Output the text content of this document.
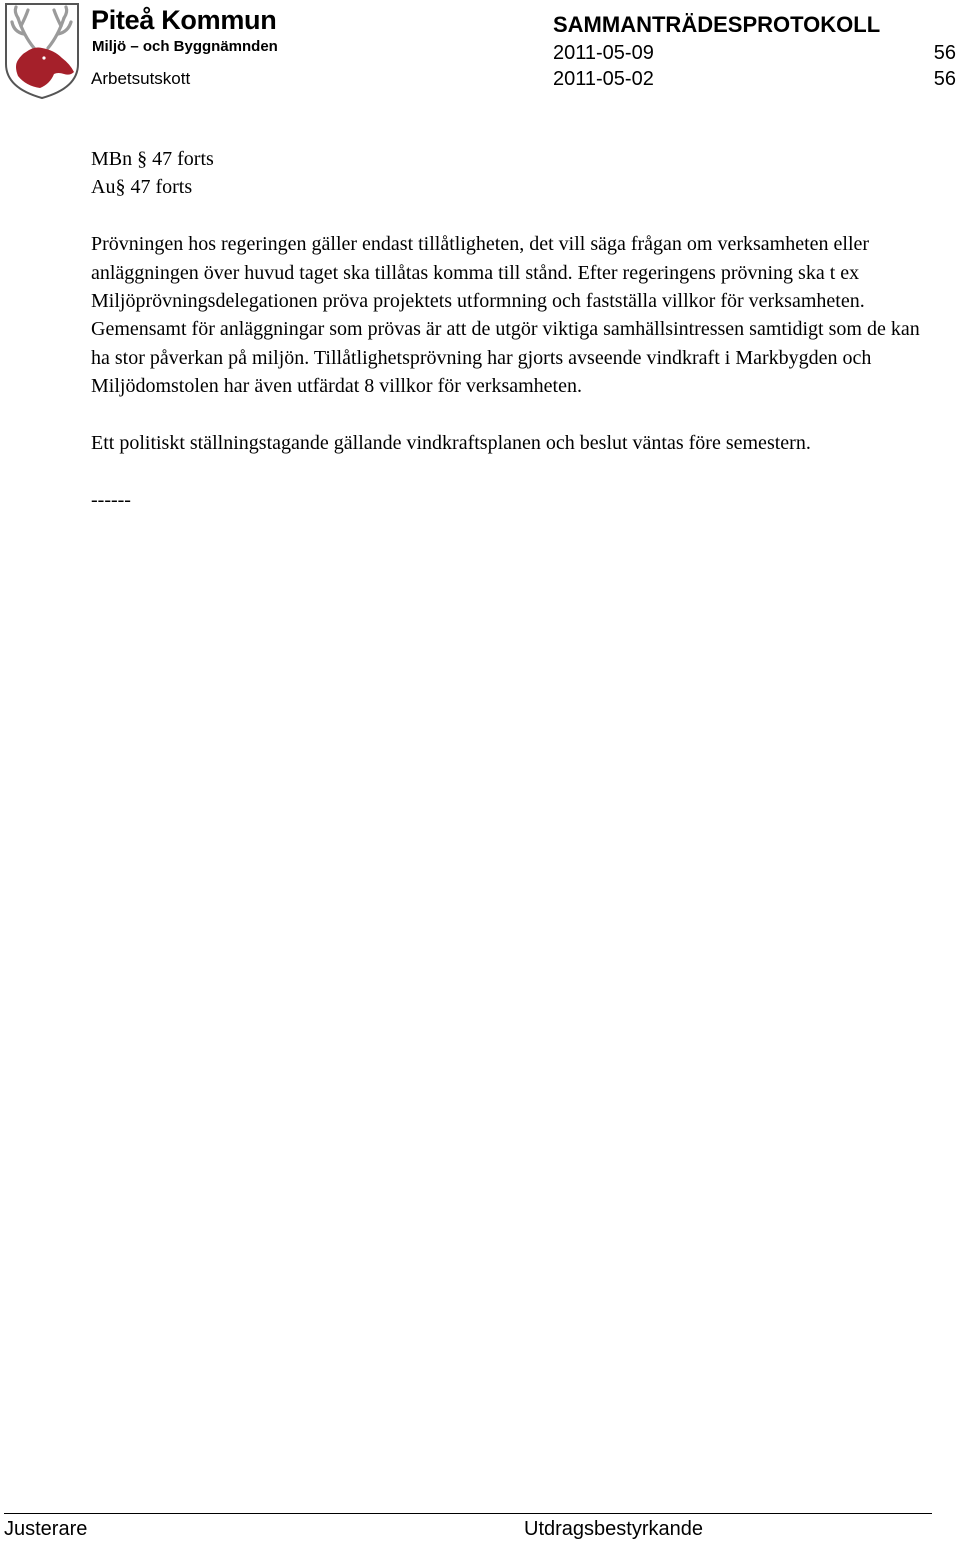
Piteå Kommun
Miljö – och Byggnämnden
Arbetsutskott
SAMMANTRÄDESPROTOKOLL
2011-05-09
2011-05-02
56
56

MBn § 47 forts

Au§ 47 forts

Prövningen hos regeringen gäller endast tillåtligheten, det vill säga frågan om verksamheten eller anläggningen över huvud taget ska tillåtas komma till stånd. Efter regeringens prövning ska t ex Miljöprövningsdelegationen pröva projektets utformning och fastställa villkor för verksamheten. Gemensamt för anläggningar som prövas är att de utgör viktiga samhällsintressen samtidigt som de kan ha stor påverkan på miljön. Tillåtlighetsprövning har gjorts avseende vindkraft i Markbygden och Miljödomstolen har även utfärdat 8 villkor för verksamheten.

Ett politiskt ställningstagande gällande vindkraftsplanen och beslut väntas före semestern.

------

Justerare	Utdragsbestyrkande
